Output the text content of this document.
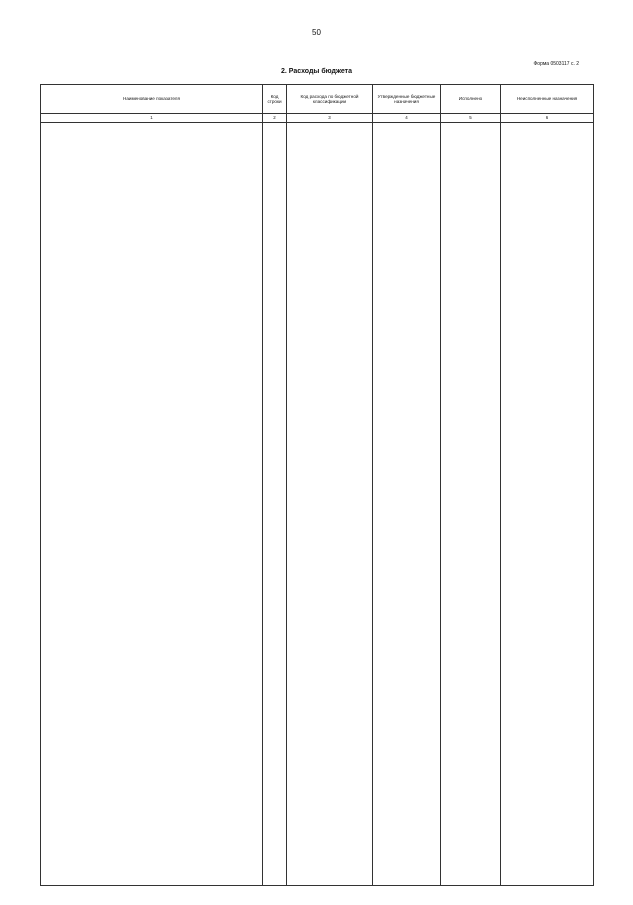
50
Форма 0503117 с. 2
2. Расходы бюджета
Наименование показателя	Код строки	Код расхода по бюджетной классификации	Утвержденные бюджетные назначения	Исполнено	Неисполненные назначения
1	2	3	4	5	6
